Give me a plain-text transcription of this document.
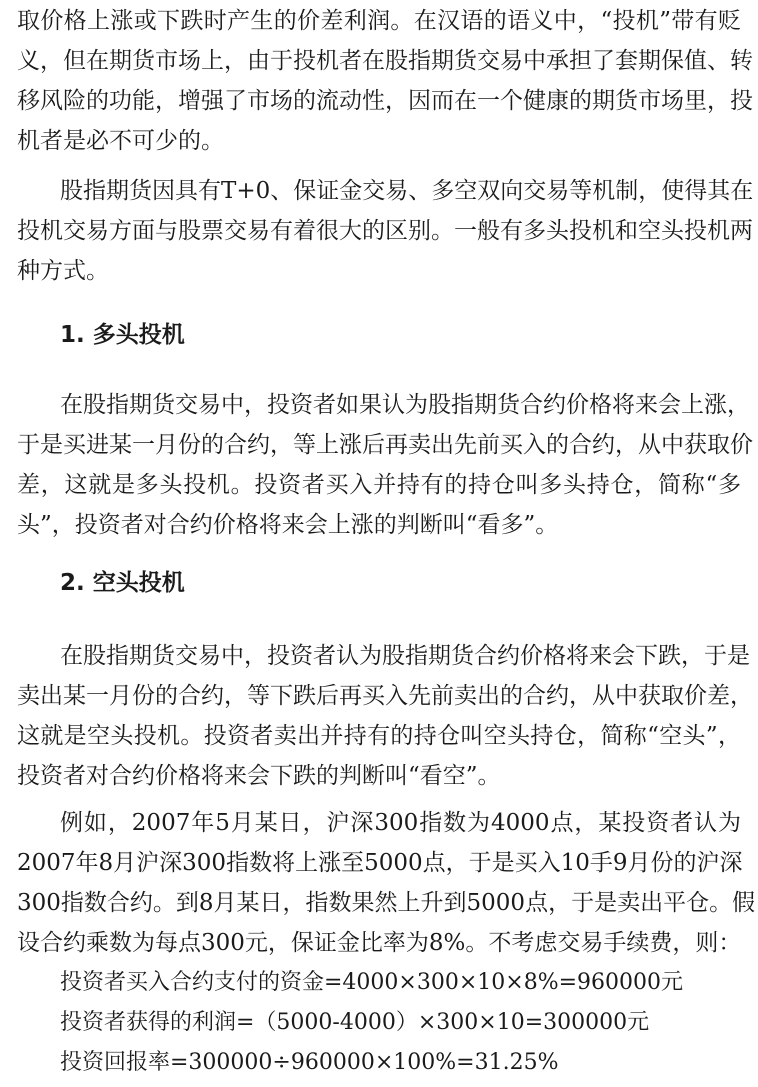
取价格上涨或下跌时产生的价差利润。在汉语的语义中，“投机”带有贬
义，但在期货市场上，由于投机者在股指期货交易中承担了套期保值、转
移风险的功能，增强了市场的流动性，因而在一个健康的期货市场里，投
机者是必不可少的。
股指期货因具有T+0、保证金交易、多空双向交易等机制，使得其在
投机交易方面与股票交易有着很大的区别。一般有多头投机和空头投机两
种方式。
1. 多头投机
在股指期货交易中，投资者如果认为股指期货合约价格将来会上涨，
于是买进某一月份的合约，等上涨后再卖出先前买入的合约，从中获取价
差，这就是多头投机。投资者买入并持有的持仓叫多头持仓，简称“多
头”，投资者对合约价格将来会上涨的判断叫“看多”。
2. 空头投机
在股指期货交易中，投资者认为股指期货合约价格将来会下跌，于是
卖出某一月份的合约，等下跌后再买入先前卖出的合约，从中获取价差，
这就是空头投机。投资者卖出并持有的持仓叫空头持仓，简称“空头”，
投资者对合约价格将来会下跌的判断叫“看空”。
例如，2007年5月某日，沪深300指数为4000点，某投资者认为
2007年8月沪深300指数将上涨至5000点，于是买入10手9月份的沪深
300指数合约。到8月某日，指数果然上升到5000点，于是卖出平仓。假
设合约乘数为每点300元，保证金比率为8%。不考虑交易手续费，则：
投资者买入合约支付的资金=4000×300×10×8%=960000元
投资者获得的利润=（5000-4000）×300×10=300000元
投资回报率=300000÷960000×100%=31.25%
